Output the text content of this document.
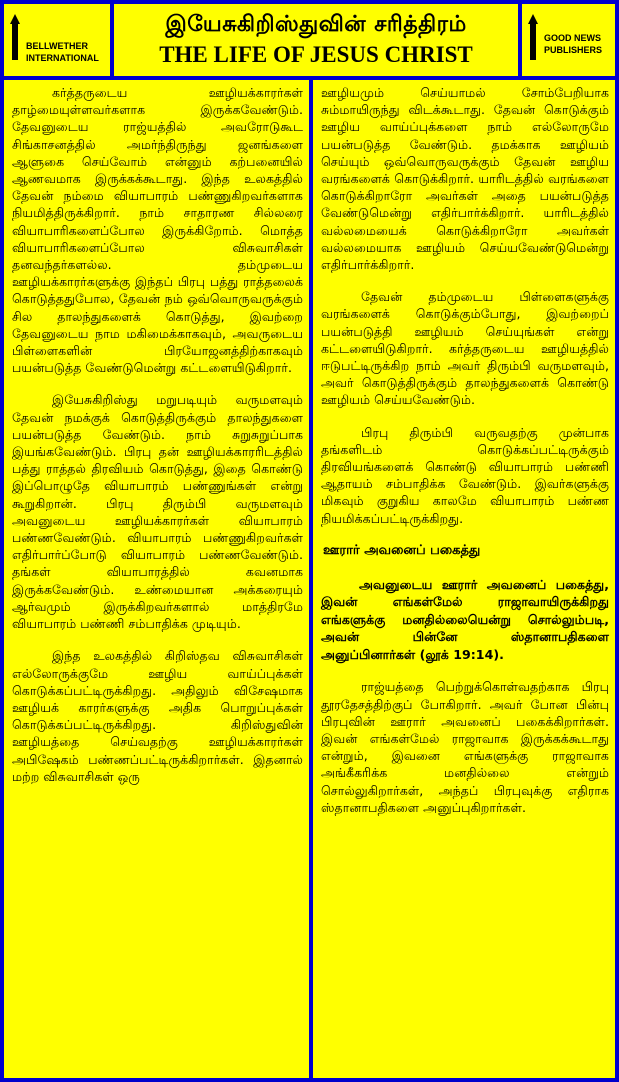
BELLWETHER
INTERNATIONAL
இயேசுகிறிஸ்துவின் சரித்திரம்
THE LIFE OF JESUS CHRIST
GOOD NEWS
PUBLISHERS

கர்த்தருடைய ஊழியக்காரர்கள் தாழ்மையுள்ளவர்களாக இருக்கவேண்டும். தேவனுடைய ராஜ்யத்தில் அவரோடுகூட சிங்காசனத்தில் அமர்ந்திருந்து ஜனங்களை ஆளுகை செய்வோம் என்னும் கற்பனையில் ஆணவமாக இருக்கக்கூடாது. இந்த உலகத்தில் தேவன் நம்மை வியாபாரம் பண்ணுகிறவர்களாக நியமித்திருக்கிறார். நாம் சாதாரண சில்லரை வியாபாரிகளைப்போல இருக்கிறோம். மொத்த வியாபாரிகளைப்போல விசுவாசிகள் தனவந்தர்களல்ல. தம்முடைய ஊழியக்காரர்களுக்கு இந்தப் பிரபு பத்து ராத்தலைக் கொடுத்ததுபோல, தேவன் நம் ஒவ்வொருவருக்கும் சில தாலந்துகளைக் கொடுத்து, இவற்றை தேவனுடைய நாம மகிமைக்காகவும், அவருடைய பிள்ளைகளின் பிரயோஜனத்திற்காகவும் பயன்படுத்த வேண்டுமென்று கட்டளையிடுகிறார்.

இயேசுகிறிஸ்து மறுபடியும் வருமளவும் தேவன் நமக்குக் கொடுத்திருக்கும் தாலந்துகளை பயன்படுத்த வேண்டும். நாம் சுறுசுறுப்பாக இயங்கவேண்டும். பிரபு தன் ஊழியக்காரரிடத்தில் பத்து ராத்தல் திரவியம் கொடுத்து, இதை கொண்டு இப்பொழுதே வியாபாரம் பண்ணுங்கள் என்று கூறுகிறான். பிரபு திரும்பி வருமளவும் அவனுடைய ஊழியக்காரர்கள் வியாபாரம் பண்ணவேண்டும். வியாபாரம் பண்ணுகிறவர்கள் எதிர்பார்ப்போடு வியாபாரம் பண்ணவேண்டும். தங்கள் வியாபாரத்தில் கவனமாக இருக்கவேண்டும். உண்மையான அக்கரையும் ஆர்வமும் இருக்கிறவர்களால் மாத்திரமே வியாபாரம் பண்ணி சம்பாதிக்க முடியும்.

இந்த உலகத்தில் கிறிஸ்தவ விசுவாசிகள் எல்லோருக்குமே ஊழிய வாய்ப்புக்கள் கொடுக்கப்பட்டிருக்கிறது. அதிலும் விசேஷமாக ஊழியக் காரர்களுக்கு அதிக பொறுப்புக்கள் கொடுக்கப்பட்டிருக்கிறது. கிறிஸ்துவின் ஊழியத்தை செய்வதற்கு ஊழியக்காரர்கள் அபிஷேகம் பண்ணப்பட்டிருக்கிறார்கள். இதனால் மற்ற விசுவாசிகள் ஒரு

ஊழியமும் செய்யாமல் சோம்பேறியாக சும்மாயிருந்து விடக்கூடாது. தேவன் கொடுக்கும் ஊழிய வாய்ப்புக்களை நாம் எல்லோருமே பயன்படுத்த வேண்டும். தமக்காக ஊழியம் செய்யும் ஒவ்வொருவருக்கும் தேவன் ஊழிய வரங்களைக் கொடுக்கிறார். யாரிடத்தில் வரங்களை கொடுக்கிறாரோ அவர்கள் அதை பயன்படுத்த வேண்டுமென்று எதிர்பார்க்கிறார். யாரிடத்தில் வல்லமையைக் கொடுக்கிறாரோ அவர்கள் வல்லமையாக ஊழியம் செய்யவேண்டுமென்று எதிர்பார்க்கிறார்.

தேவன் தம்முடைய பிள்ளைகளுக்கு வரங்களைக் கொடுக்கும்போது, இவற்றைப் பயன்படுத்தி ஊழியம் செய்யுங்கள் என்று கட்டளையிடுகிறார். கர்த்தருடைய ஊழியத்தில் ஈடுபட்டிருக்கிற நாம் அவர் திரும்பி வருமளவும், அவர் கொடுத்திருக்கும் தாலந்துகளைக் கொண்டு ஊழியம் செய்யவேண்டும்.

பிரபு திரும்பி வருவதற்கு முன்பாக தங்களிடம் கொடுக்கப்பட்டிருக்கும் திரவியங்களைக் கொண்டு வியாபாரம் பண்ணி ஆதாயம் சம்பாதிக்க வேண்டும். இவர்களுக்கு மிகவும் குறுகிய காலமே வியாபாரம் பண்ண நியமிக்கப்பட்டிருக்கிறது.

ஊரார் அவனைப் பகைத்து

அவனுடைய ஊரார் அவனைப் பகைத்து, இவன் எங்கள்மேல் ராஜாவாயிருக்கிறது எங்களுக்கு மனதில்லையென்று சொல்லும்படி, அவன் பின்னே ஸ்தானாபதிகளை அனுப்பினார்கள் (லூக் 19:14).

ராஜ்யத்தை பெற்றுக்கொள்வதற்காக பிரபு தூரதேசத்திற்குப் போகிறார். அவர் போன பின்பு பிரபுவின் ஊரார் அவனைப் பகைக்கிறார்கள். இவன் எங்கள்மேல் ராஜாவாக இருக்கக்கூடாது என்றும், இவனை எங்களுக்கு ராஜாவாக அங்கீகரிக்க மனதில்லை என்றும் சொல்லுகிறார்கள், அந்தப் பிரபுவுக்கு எதிராக ஸ்தானாபதிகளை அனுப்புகிறார்கள்.
